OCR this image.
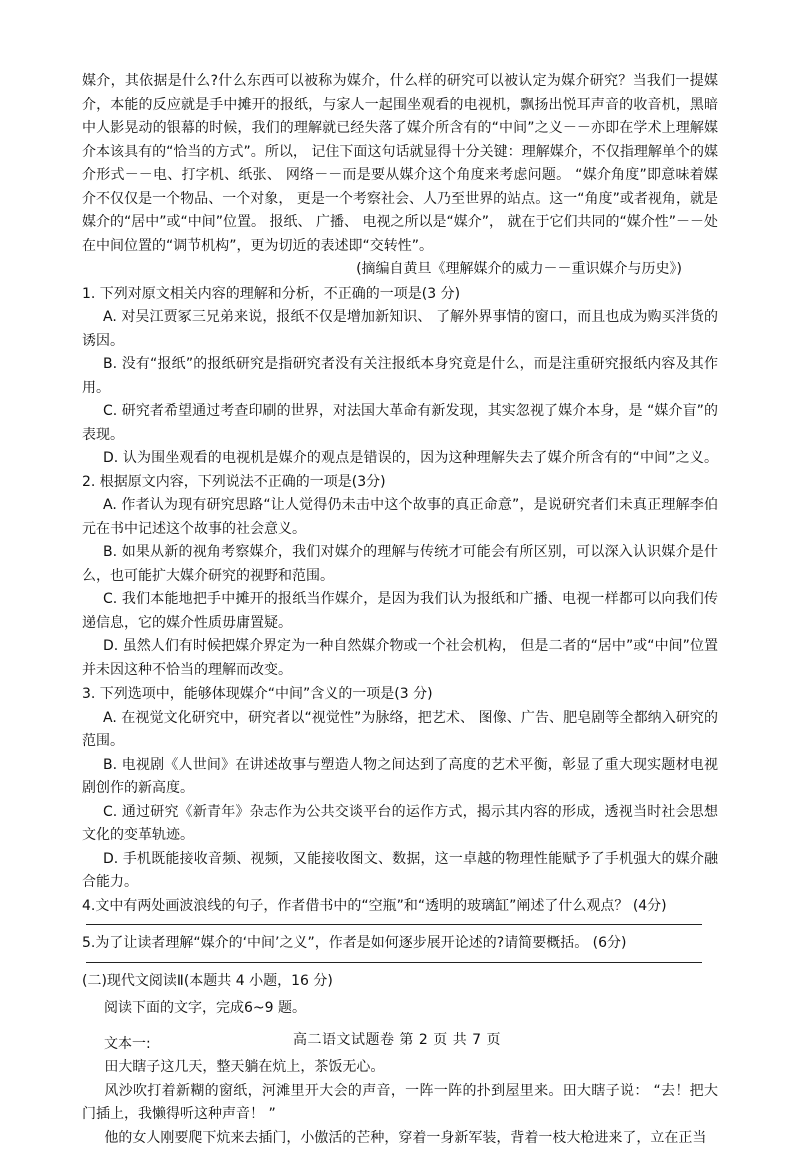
媒介，其依据是什么?什么东西可以被称为媒介，什么样的研究可以被认定为媒介研究？当我们一提媒介，本能的反应就是手中摊开的报纸，与家人一起围坐观看的电视机，飘扬出悦耳声音的收音机，黑暗中人影晃动的银幕的时候，我们的理解就已经失落了媒介所含有的“中间”之义－－亦即在学术上理解媒介本该具有的“恰当的方式”。所以， 记住下面这句话就显得十分关键：理解媒介，不仅指理解单个的媒介形式－－电、打字机、纸张、 网络－－而是要从媒介这个角度来考虑问题。 “媒介角度”即意味着媒介不仅仅是一个物品、一个对象， 更是一个考察社会、人乃至世界的站点。这一“角度”或者视角，就是媒介的“居中”或“中间”位置。 报纸、 广播、 电视之所以是“媒介”， 就在于它们共同的“媒介性”－－处在中间位置的“调节机构”，更为切近的表述即“交转性”。

(摘编自黄旦《理解媒介的威力－－重识媒介与历史》)

1. 下列对原文相关内容的理解和分析，不正确的一项是(3 分)

A. 对吴江贾冢三兄弟来说，报纸不仅是增加新知识、 了解外界事情的窗口，而且也成为购买泮货的诱因。

B. 没有“报纸”的报纸研究是指研究者没有关注报纸本身究竟是什么，而是注重研究报纸内容及其作用。

C. 研究者希望通过考查印刷的世界，对法国大革命有新发现，其实忽视了媒介本身，是 “媒介盲”的表现。

D. 认为围坐观看的电视机是媒介的观点是错误的，因为这种理解失去了媒介所含有的“中间”之义。2. 根据原文内容，下列说法不正确的一项是(3分)

A. 作者认为现有研究思路“让人觉得仍未击中这个故事的真正命意”，是说研究者们未真正理解李伯元在书中记述这个故事的社会意义。

B. 如果从新的视角考察媒介，我们对媒介的理解与传统才可能会有所区别，可以深入认识媒介是什么，也可能扩大媒介研究的视野和范围。

C. 我们本能地把手中摊开的报纸当作媒介，是因为我们认为报纸和广播、电视一样都可以向我们传递信息，它的媒介性质毋庸置疑。

D. 虽然人们有时候把媒介界定为一种自然媒介物或一个社会机构， 但是二者的“居中”或“中间”位置并未因这种不恰当的理解而改变。

3. 下列选项中，能够体现媒介“中间”含义的一项是(3 分)

A. 在视觉文化研究中，研究者以“视觉性”为脉络，把艺术、 图像、广告、肥皂剧等全都纳入研究的范围。

B. 电视剧《人世间》在讲述故事与塑造人物之间达到了高度的艺术平衡，彰显了重大现实题材电视剧创作的新高度。

C. 通过研究《新青年》杂志作为公共交谈平台的运作方式，揭示其内容的形成，透视当时社会思想文化的变革轨迹。

D. 手机既能接收音频、视频，又能接收图文、数据，这一卓越的物理性能赋予了手机强大的媒介融合能力。

4.文中有两处画波浪线的句子，作者借书中的“空瓶”和“透明的玻璃缸”阐述了什么观点？ (4分)

5.为了让读者理解“媒介的‘中间’之义”，作者是如何逐步展开论述的?请简要概括。 (6分)

(二)现代文阅读Ⅱ(本题共 4 小题，16 分)

阅读下面的文字，完成6~9 题。

文本一:

田大瞎子这几天，整天躺在炕上，茶饭无心。

风沙吹打着新糊的窗纸，河滩里开大会的声音，一阵一阵的扑到屋里来。田大瞎子说： “去！把大门插上，我懒得听这种声音！ ”

他的女人刚要爬下炕来去插门，小傲活的芒种，穿着一身新军装，背着一枝大枪进来了，立在正当

高二语文试题卷 第 2 页 共 7 页
